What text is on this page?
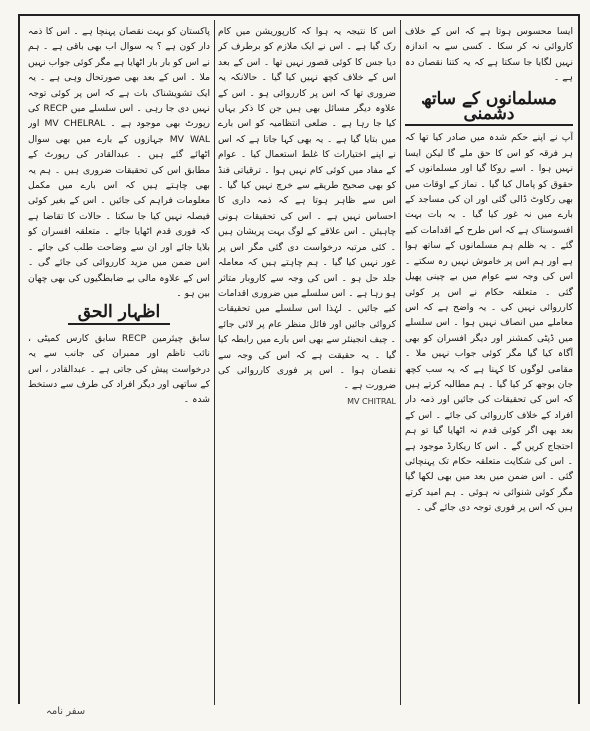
ایسا محسوس ہوتا ہے کہ اس کے خلاف کاروائی نہ کر سکا ۔ کسی سے بہ اندازہ نہیں لگایا جا سکتا ہے کہ یہ کتنا نقصان دہ ہے ۔

مسلمانوں کے ساتھ دشمنی

آپ نے اپنے حکم شدہ میں صادر کیا تھا کہ ہر فرقہ کو اس کا حق ملے گا لیکن ایسا نہیں ہوا ۔ اسے روکا گیا اور مسلمانوں کے حقوق کو پامال کیا گیا ۔ نماز کے اوقات میں بھی رکاوٹ ڈالی گئی اور ان کی مساجد کے بارے میں نہ غور کیا گیا ۔ یہ بات بہت افسوسناک ہے کہ اس طرح کے اقدامات کیے گئے ۔ یہ ظلم ہم مسلمانوں کے ساتھ ہوا ہے اور ہم اس پر خاموش نہیں رہ سکتے ۔ اس کی وجہ سے عوام میں بے چینی پھیل گئی ۔ متعلقہ حکام نے اس پر کوئی کارروائی نہیں کی ۔ یہ واضح ہے کہ اس معاملے میں انصاف نہیں ہوا ۔ اس سلسلے میں ڈپٹی کمشنر اور دیگر افسران کو بھی آگاہ کیا گیا مگر کوئی جواب نہیں ملا ۔ مقامی لوگوں کا کہنا ہے کہ یہ سب کچھ جان بوجھ کر کیا گیا ۔ ہم مطالبہ کرتے ہیں کہ اس کی تحقیقات کی جائیں اور ذمہ دار افراد کے خلاف کارروائی کی جائے ۔ اس کے بعد بھی اگر کوئی قدم نہ اٹھایا گیا تو ہم احتجاج کریں گے ۔ اس کا ریکارڈ موجود ہے ۔ اس کی شکایت متعلقہ حکام تک پہنچائی گئی ۔ اس ضمن میں بعد میں بھی لکھا گیا مگر کوئی شنوائی نہ ہوئی ۔ ہم امید کرتے ہیں کہ اس پر فوری توجہ دی جائے گی ۔

اس کا نتیجہ یہ ہوا کہ کارپوریشن میں کام رک گیا ہے ۔ اس نے ایک ملازم کو برطرف کر دیا جس کا کوئی قصور نہیں تھا ۔ اس کے بعد اس کے خلاف کچھ نہیں کیا گیا ۔ حالانکہ یہ ضروری تھا کہ اس پر کارروائی ہو ۔ اس کے علاوہ دیگر مسائل بھی ہیں جن کا ذکر یہاں کیا جا رہا ہے ۔ ضلعی انتظامیہ کو اس بارے میں بتایا گیا ہے ۔ یہ بھی کہا جاتا ہے کہ اس نے اپنے اختیارات کا غلط استعمال کیا ۔ عوام کے مفاد میں کوئی کام نہیں ہوا ۔ ترقیاتی فنڈ کو بھی صحیح طریقے سے خرچ نہیں کیا گیا ۔ اس سے ظاہر ہوتا ہے کہ ذمہ داری کا احساس نہیں ہے ۔ اس کی تحقیقات ہونی چاہیئں ۔ اس علاقے کے لوگ بہت پریشان ہیں ۔ کئی مرتبہ درخواست دی گئی مگر اس پر غور نہیں کیا گیا ۔ ہم چاہتے ہیں کہ معاملہ جلد حل ہو ۔ اس کی وجہ سے کاروبار متاثر ہو رہا ہے ۔ اس سلسلے میں ضروری اقدامات کیے جائیں ۔ لہٰذا اس سلسلے میں تحقیقات کروائی جائیں اور فائل منظر عام پر لائی جائے ۔ چیف انجینئر سے بھی اس بارے میں رابطہ کیا گیا ۔ یہ حقیقت ہے کہ اس کی وجہ سے نقصان ہوا ۔ اس پر فوری کارروائی کی ضرورت ہے ۔

MV CHITRAL

پاکستان کو بہت نقصان پہنچا ہے ۔ اس کا ذمہ دار کون ہے ؟ یہ سوال اب بھی باقی ہے ۔ ہم نے اس کو بار بار اٹھایا ہے مگر کوئی جواب نہیں ملا ۔ اس کے بعد بھی صورتحال وہی ہے ۔ یہ ایک تشویشناک بات ہے کہ اس پر کوئی توجہ نہیں دی جا رہی ۔ اس سلسلے میں RECP کی رپورٹ بھی موجود ہے ۔ MV CHELRAL اور MV WAL جہازوں کے بارے میں بھی سوال اٹھائے گئے ہیں ۔ عبدالقادر کی رپورٹ کے مطابق اس کی تحقیقات ضروری ہیں ۔ ہم یہ بھی چاہتے ہیں کہ اس بارے میں مکمل معلومات فراہم کی جائیں ۔ اس کے بغیر کوئی فیصلہ نہیں کیا جا سکتا ۔ حالات کا تقاضا ہے کہ فوری قدم اٹھایا جائے ۔ متعلقہ افسران کو بلایا جائے اور ان سے وضاحت طلب کی جائے ۔ اس ضمن میں مزید کارروائی کی جائے گی ۔ اس کے علاوہ مالی بے ضابطگیوں کی بھی چھان بین ہو ۔

اظہار الحق

سابق چیئرمین RECP سابق کارس کمیٹی ، نائب ناظم اور ممبران کی جانب سے یہ درخواست پیش کی جاتی ہے ۔ عبدالقادر ، اس کے ساتھی اور دیگر افراد کی طرف سے دستخط شدہ ۔

سفر نامہ
